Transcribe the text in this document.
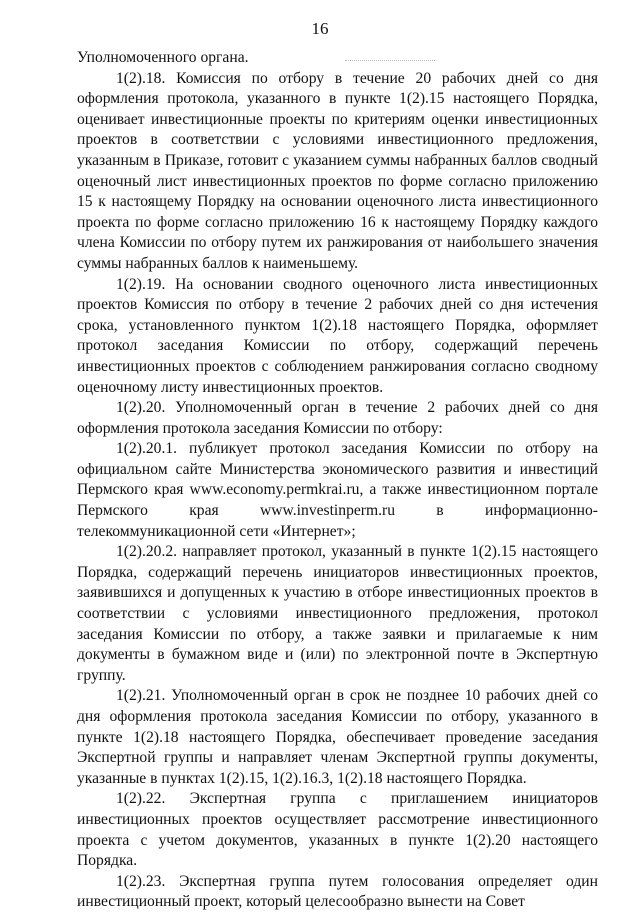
16

Уполномоченного органа.

1(2).18. Комиссия по отбору в течение 20 рабочих дней со дня оформления протокола, указанного в пункте 1(2).15 настоящего Порядка, оценивает инвестиционные проекты по критериям оценки инвестиционных проектов в соответствии с условиями инвестиционного предложения, указанным в Приказе, готовит с указанием суммы набранных баллов сводный оценочный лист инвестиционных проектов по форме согласно приложению 15 к настоящему Порядку на основании оценочного листа инвестиционного проекта по форме согласно приложению 16 к настоящему Порядку каждого члена Комиссии по отбору путем их ранжирования от наибольшего значения суммы набранных баллов к наименьшему.

1(2).19. На основании сводного оценочного листа инвестиционных проектов Комиссия по отбору в течение 2 рабочих дней со дня истечения срока, установленного пунктом 1(2).18 настоящего Порядка, оформляет протокол заседания Комиссии по отбору, содержащий перечень инвестиционных проектов с соблюдением ранжирования согласно сводному оценочному листу инвестиционных проектов.

1(2).20. Уполномоченный орган в течение 2 рабочих дней со дня оформления протокола заседания Комиссии по отбору:

1(2).20.1. публикует протокол заседания Комиссии по отбору на официальном сайте Министерства экономического развития и инвестиций Пермского края www.economy.permkrai.ru, а также инвестиционном портале Пермского края www.investinperm.ru в информационно-телекоммуникационной сети «Интернет»;

1(2).20.2. направляет протокол, указанный в пункте 1(2).15 настоящего Порядка, содержащий перечень инициаторов инвестиционных проектов, заявившихся и допущенных к участию в отборе инвестиционных проектов в соответствии с условиями инвестиционного предложения, протокол заседания Комиссии по отбору, а также заявки и прилагаемые к ним документы в бумажном виде и (или) по электронной почте в Экспертную группу.

1(2).21. Уполномоченный орган в срок не позднее 10 рабочих дней со дня оформления протокола заседания Комиссии по отбору, указанного в пункте 1(2).18 настоящего Порядка, обеспечивает проведение заседания Экспертной группы и направляет членам Экспертной группы документы, указанные в пунктах 1(2).15, 1(2).16.3, 1(2).18 настоящего Порядка.

1(2).22. Экспертная группа с приглашением инициаторов инвестиционных проектов осуществляет рассмотрение инвестиционного проекта с учетом документов, указанных в пункте 1(2).20 настоящего Порядка.

1(2).23. Экспертная группа путем голосования определяет один инвестиционный проект, который целесообразно вынести на Совет
